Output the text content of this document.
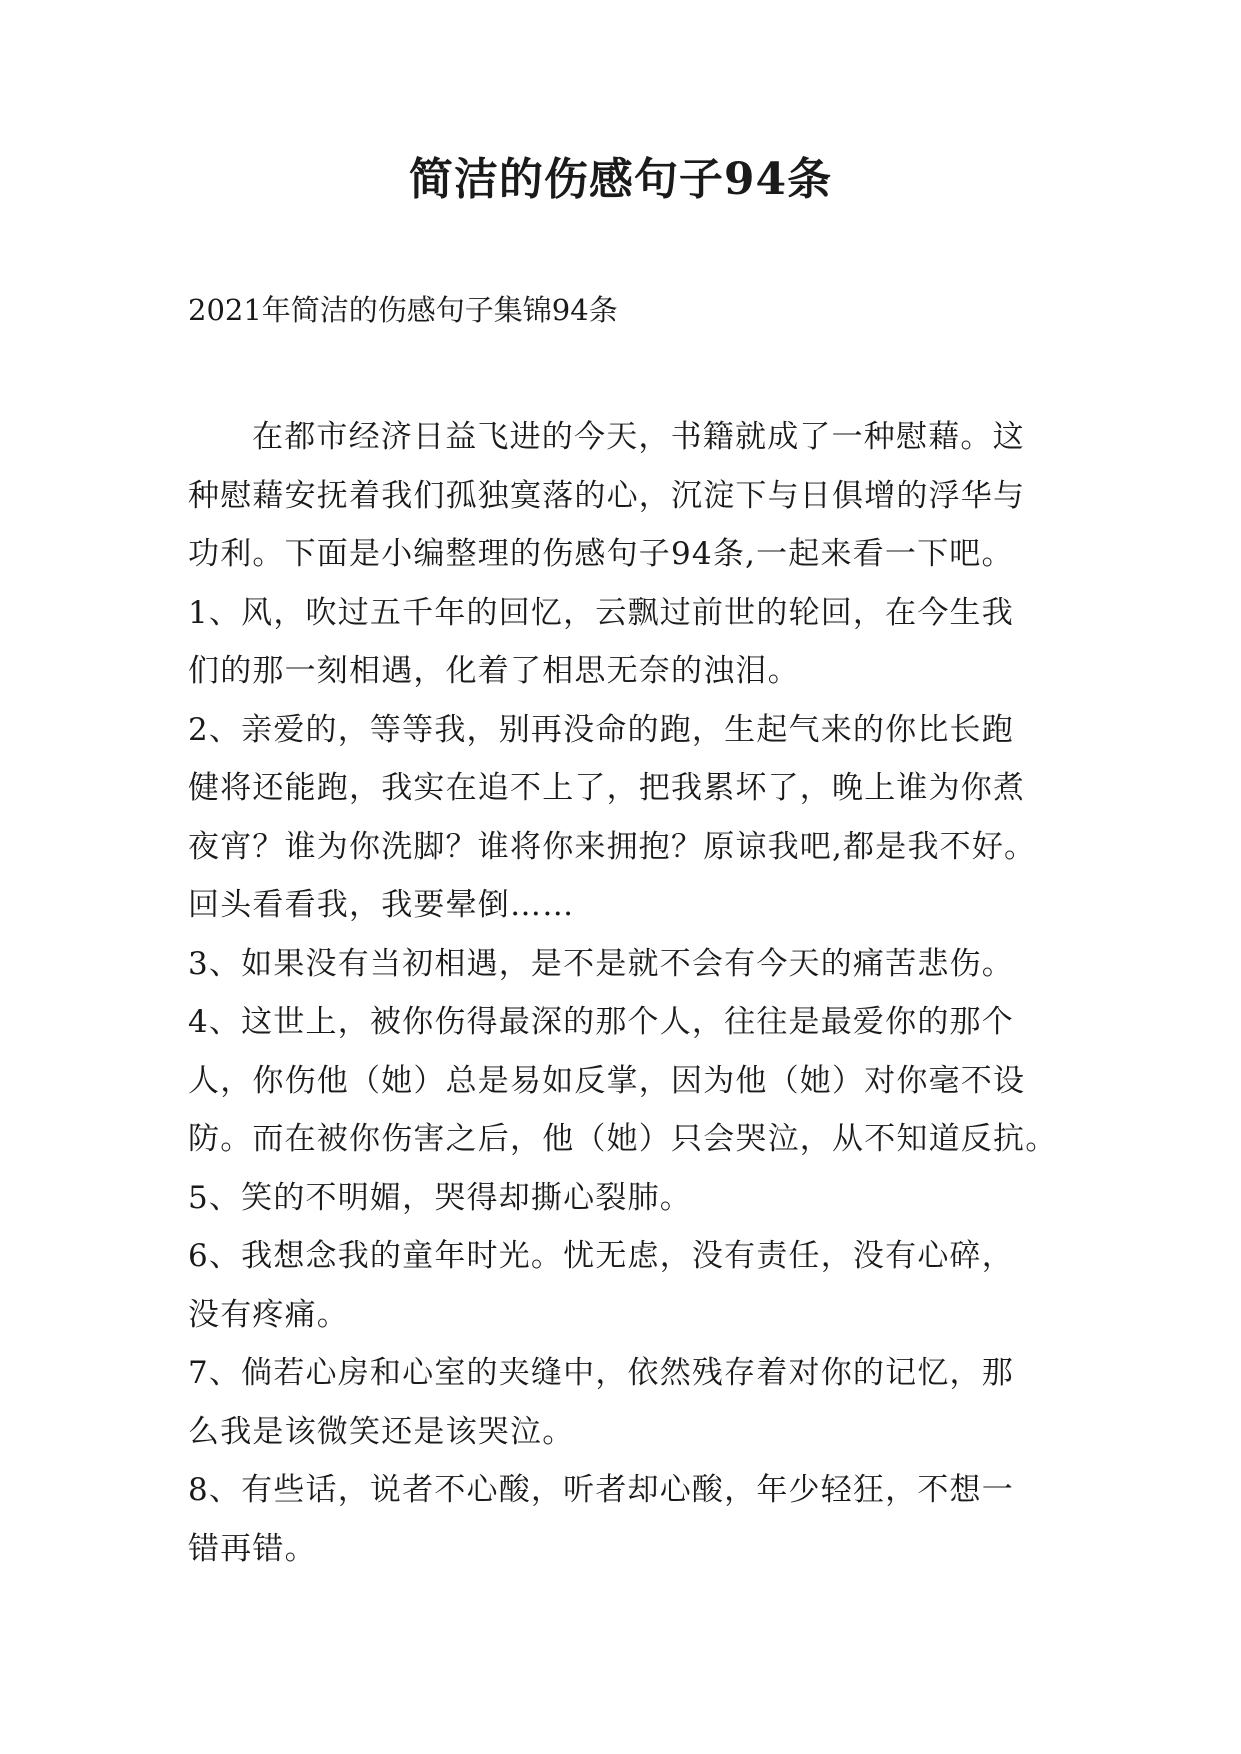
简洁的伤感句子94条
2021年简洁的伤感句子集锦94条
在都市经济日益飞进的今天，书籍就成了一种慰藉。这
种慰藉安抚着我们孤独寞落的心，沉淀下与日俱增的浮华与
功利。下面是小编整理的伤感句子94条,一起来看一下吧。
1、风，吹过五千年的回忆，云飘过前世的轮回，在今生我
们的那一刻相遇，化着了相思无奈的浊泪。
2、亲爱的，等等我，别再没命的跑，生起气来的你比长跑
健将还能跑，我实在追不上了，把我累坏了，晚上谁为你煮
夜宵？谁为你洗脚？谁将你来拥抱？原谅我吧,都是我不好。
回头看看我，我要晕倒……
3、如果没有当初相遇，是不是就不会有今天的痛苦悲伤。
4、这世上，被你伤得最深的那个人，往往是最爱你的那个
人，你伤他（她）总是易如反掌，因为他（她）对你毫不设
防。而在被你伤害之后，他（她）只会哭泣，从不知道反抗。
5、笑的不明媚，哭得却撕心裂肺。
6、我想念我的童年时光。忧无虑，没有责任，没有心碎，
没有疼痛。
7、倘若心房和心室的夹缝中，依然残存着对你的记忆，那
么我是该微笑还是该哭泣。
8、有些话，说者不心酸，听者却心酸，年少轻狂，不想一
错再错。
